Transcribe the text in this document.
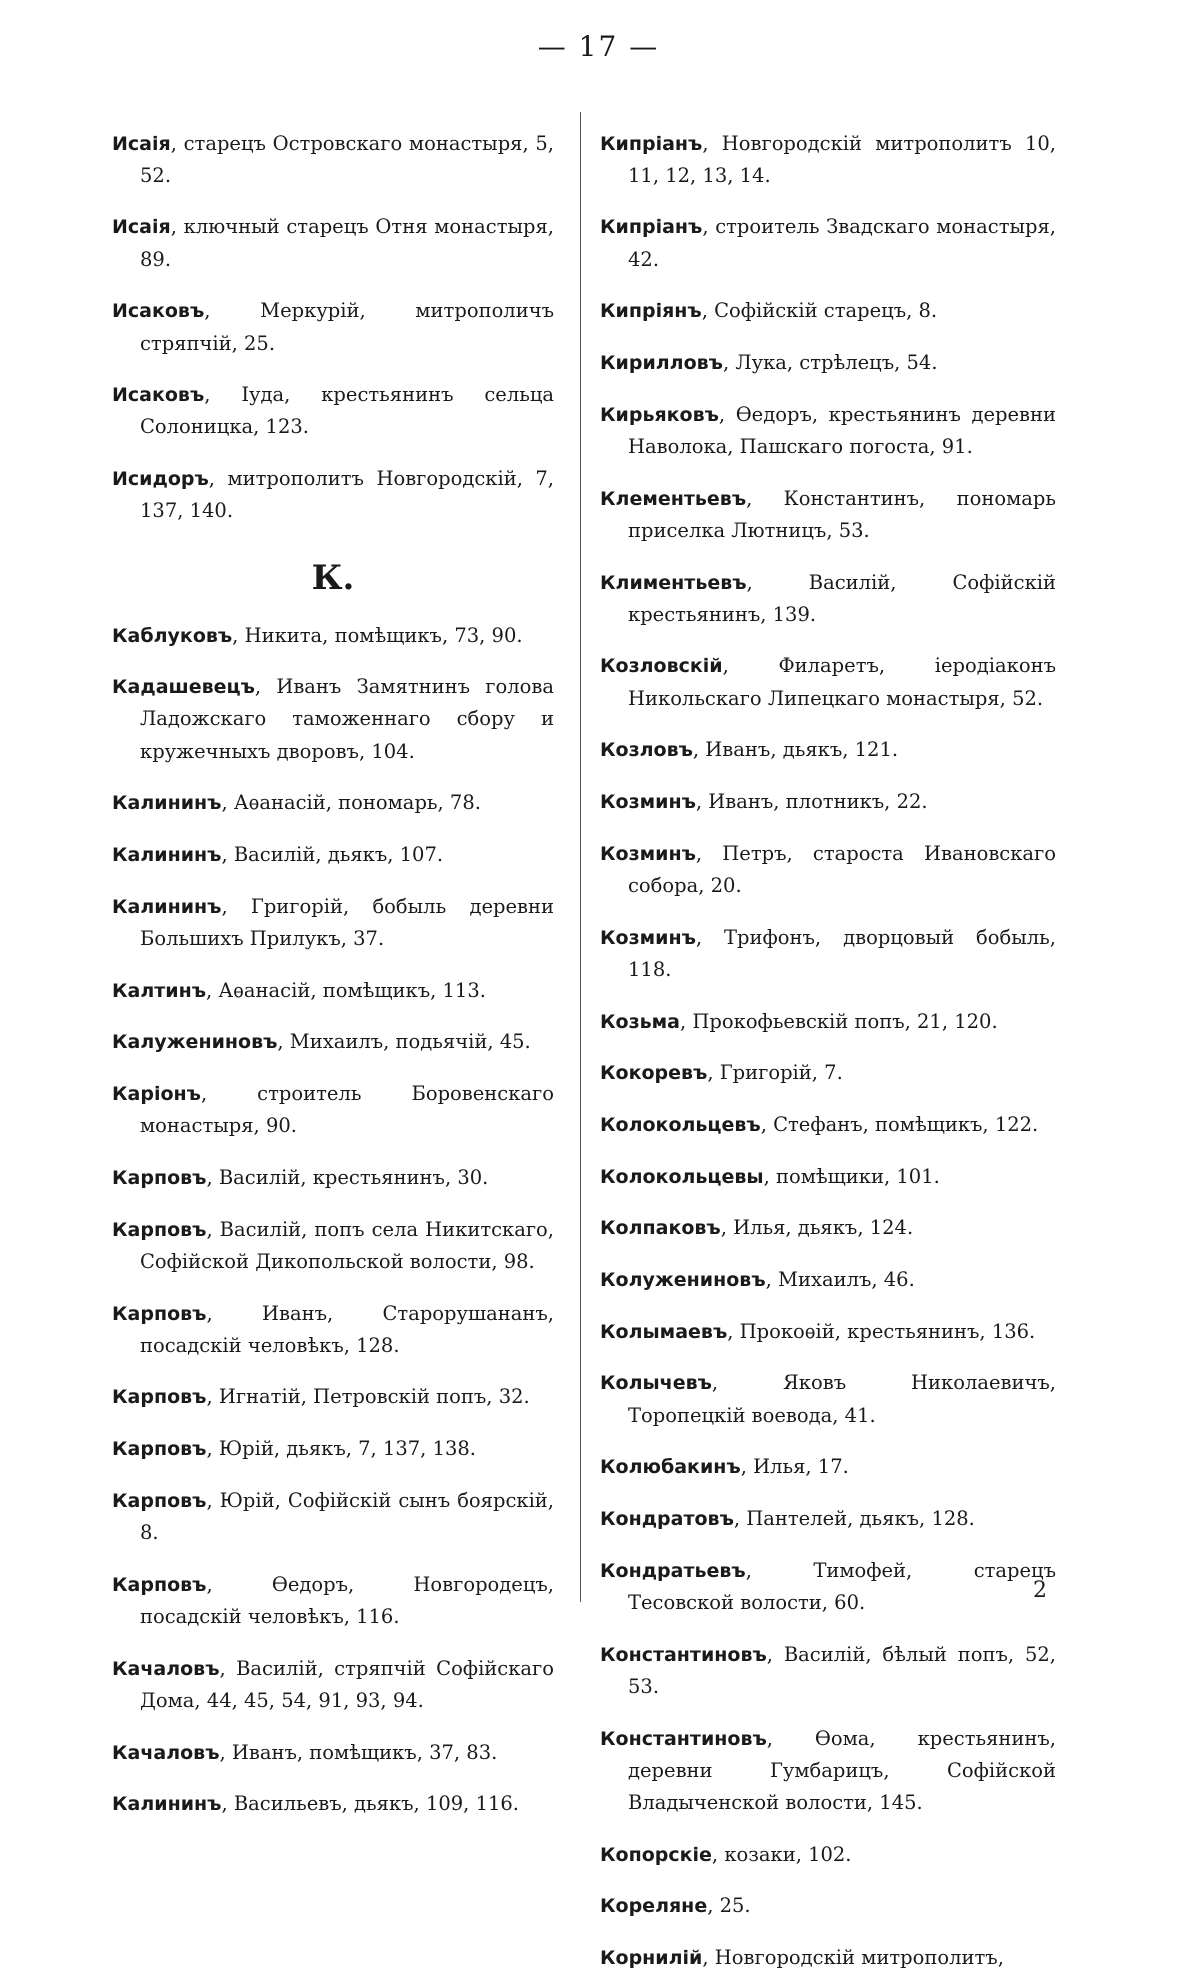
— 17 —

Исаія, старецъ Островскаго монастыря, 5, 52.

Исаія, ключный старецъ Отня монастыря, 89.

Исаковъ, Меркурій, митрополичъ стряпчій, 25.

Исаковъ, Іуда, крестьянинъ сельца Солоницка, 123.

Исидоръ, митрополитъ Новгородскій, 7, 137, 140.

К.

Каблуковъ, Никита, помѣщикъ, 73, 90.

Кадашевецъ, Иванъ Замятнинъ голова Ладожскаго таможеннаго сбору и кружечныхъ дворовъ, 104.

Калининъ, Аѳанасій, пономарь, 78.

Калининъ, Василій, дьякъ, 107.

Калининъ, Григорій, бобыль деревни Большихъ Прилукъ, 37.

Калтинъ, Аѳанасій, помѣщикъ, 113.

Калужениновъ, Михаилъ, подьячій, 45.

Каріонъ, строитель Боровенскаго монастыря, 90.

Карповъ, Василій, крестьянинъ, 30.

Карповъ, Василій, попъ села Никитскаго, Софійской Дикопольской волости, 98.

Карповъ, Иванъ, Старорушананъ, посадскій человѣкъ, 128.

Карповъ, Игнатій, Петровскій попъ, 32.

Карповъ, Юрій, дьякъ, 7, 137, 138.

Карповъ, Юрій, Софійскій сынъ боярскій, 8.

Карповъ, Ѳедоръ, Новгородецъ, посадскій человѣкъ, 116.

Качаловъ, Василій, стряпчій Софійскаго Дома, 44, 45, 54, 91, 93, 94.

Качаловъ, Иванъ, помѣщикъ, 37, 83.

Калининъ, Васильевъ, дьякъ, 109, 116.

Кипріанъ, Новгородскій митрополитъ 10, 11, 12, 13, 14.

Кипріанъ, строитель Звадскаго монастыря, 42.

Кипріянъ, Софійскій старецъ, 8.

Кирилловъ, Лука, стрѣлецъ, 54.

Кирьяковъ, Ѳедоръ, крестьянинъ деревни Наволока, Пашскаго погоста, 91.

Клементьевъ, Константинъ, пономарь приселка Лютницъ, 53.

Климентьевъ, Василій, Софійскій крестьянинъ, 139.

Козловскій, Филаретъ, іеродіаконъ Никольскаго Липецкаго монастыря, 52.

Козловъ, Иванъ, дьякъ, 121.

Козминъ, Иванъ, плотникъ, 22.

Козминъ, Петръ, староста Ивановскаго собора, 20.

Козминъ, Трифонъ, дворцовый бобыль, 118.

Козьма, Прокофьевскій попъ, 21, 120.

Кокоревъ, Григорій, 7.

Колокольцевъ, Стефанъ, помѣщикъ, 122.

Колокольцевы, помѣщики, 101.

Колпаковъ, Илья, дьякъ, 124.

Колужениновъ, Михаилъ, 46.

Колымаевъ, Прокоѳій, крестьянинъ, 136.

Колычевъ, Яковъ Николаевичъ, Торопецкій воевода, 41.

Колюбакинъ, Илья, 17.

Кондратовъ, Пантелей, дьякъ, 128.

Кондратьевъ, Тимофей, старецъ Тесовской волости, 60.

Константиновъ, Василій, бѣлый попъ, 52, 53.

Константиновъ, Ѳома, крестьянинъ, деревни Гумбарицъ, Софійской Владыченской волости, 145.

Копорскіе, козаки, 102.

Кореляне, 25.

Корнилій, Новгородскій митрополитъ,

2
